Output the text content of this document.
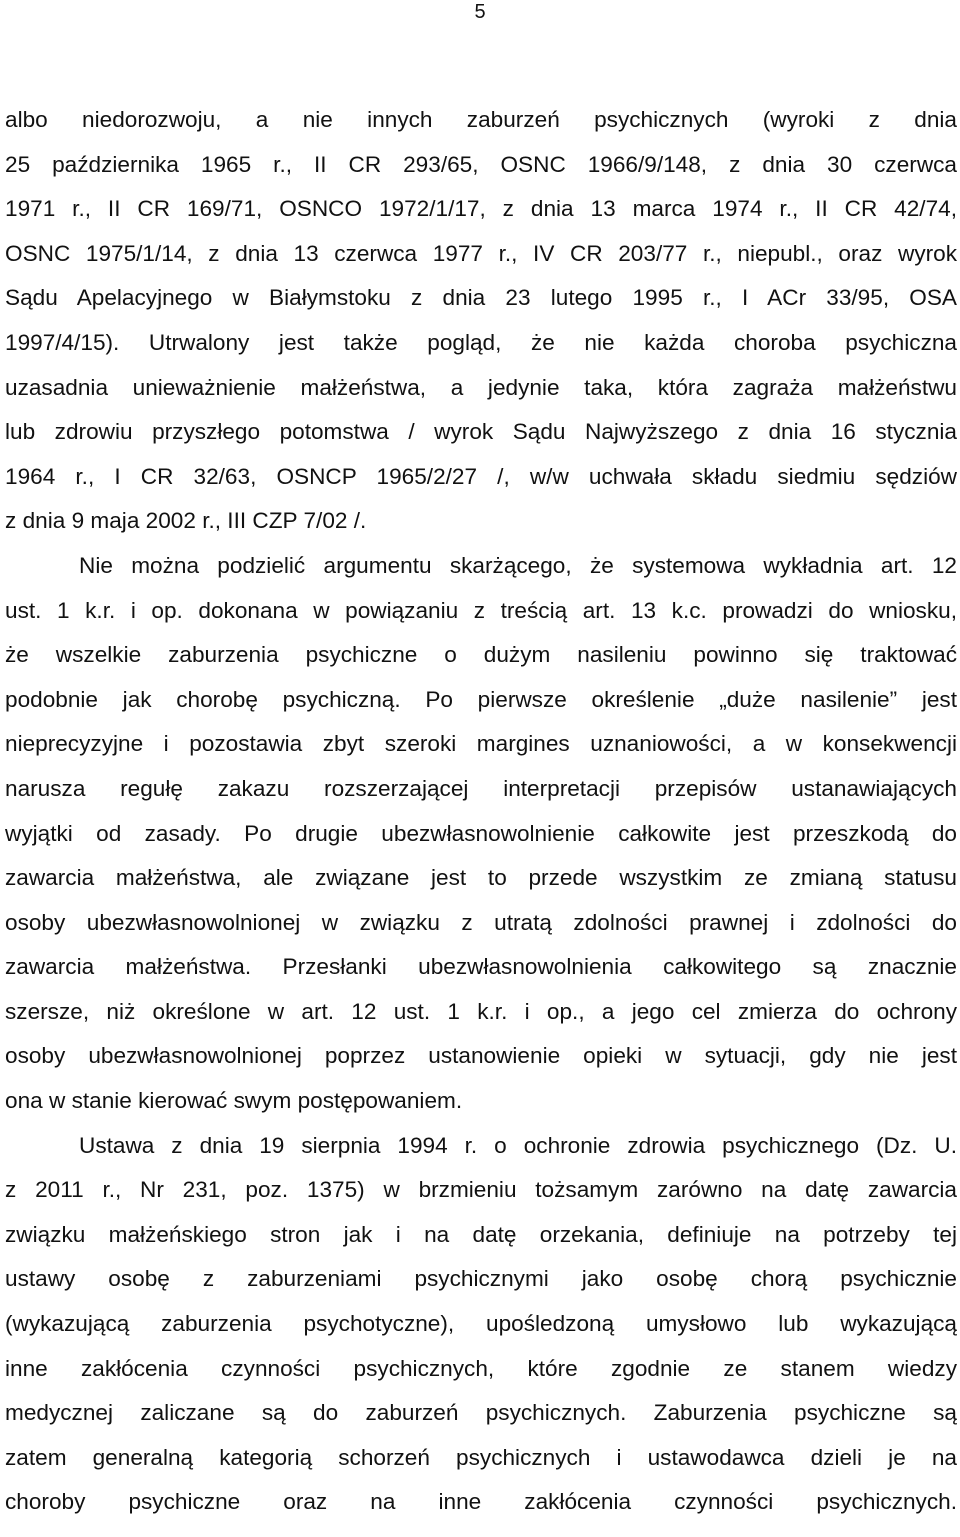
5
albo niedorozwoju, a nie innych zaburzeń psychicznych (wyroki z dnia
25 października 1965 r., II CR 293/65, OSNC 1966/9/148, z dnia 30 czerwca
1971 r., II CR 169/71, OSNCO 1972/1/17, z dnia 13 marca 1974 r., II CR 42/74,
OSNC 1975/1/14, z dnia 13 czerwca 1977 r., IV CR 203/77 r., niepubl., oraz wyrok
Sądu Apelacyjnego w Białymstoku z dnia 23 lutego 1995 r., I ACr 33/95, OSA
1997/4/15). Utrwalony jest także pogląd, że nie każda choroba psychiczna
uzasadnia unieważnienie małżeństwa, a jedynie taka, która zagraża małżeństwu
lub zdrowiu przyszłego potomstwa / wyrok Sądu Najwyższego z dnia 16 stycznia
1964 r., I CR 32/63, OSNCP 1965/2/27 /, w/w uchwała składu siedmiu sędziów
z dnia 9 maja 2002 r., III CZP 7/02 /.
Nie można podzielić argumentu skarżącego, że systemowa wykładnia art. 12
ust. 1 k.r. i op. dokonana w powiązaniu z treścią art. 13 k.c. prowadzi do wniosku,
że wszelkie zaburzenia psychiczne o dużym nasileniu powinno się traktować
podobnie jak chorobę psychiczną. Po pierwsze określenie „duże nasilenie” jest
nieprecyzyjne i pozostawia zbyt szeroki margines uznaniowości, a w konsekwencji
narusza regułę zakazu rozszerzającej interpretacji przepisów ustanawiających
wyjątki od zasady. Po drugie ubezwłasnowolnienie całkowite jest przeszkodą do
zawarcia małżeństwa, ale związane jest to przede wszystkim ze zmianą statusu
osoby ubezwłasnowolnionej w związku z utratą zdolności prawnej i zdolności do
zawarcia małżeństwa. Przesłanki ubezwłasnowolnienia całkowitego są znacznie
szersze, niż określone w art. 12 ust. 1 k.r. i op., a jego cel zmierza do ochrony
osoby ubezwłasnowolnionej poprzez ustanowienie opieki w sytuacji, gdy nie jest
ona w stanie kierować swym postępowaniem.
Ustawa z dnia 19 sierpnia 1994 r. o ochronie zdrowia psychicznego (Dz. U.
z 2011 r., Nr 231, poz. 1375) w brzmieniu tożsamym zarówno na datę zawarcia
związku małżeńskiego stron jak i na datę orzekania, definiuje na potrzeby tej
ustawy osobę z zaburzeniami psychicznymi jako osobę chorą psychicznie
(wykazującą zaburzenia psychotyczne), upośledzoną umysłowo lub wykazującą
inne zakłócenia czynności psychicznych, które zgodnie ze stanem wiedzy
medycznej zaliczane są do zaburzeń psychicznych. Zaburzenia psychiczne są
zatem generalną kategorią schorzeń psychicznych i ustawodawca dzieli je na
choroby psychiczne oraz na inne zakłócenia czynności psychicznych.
